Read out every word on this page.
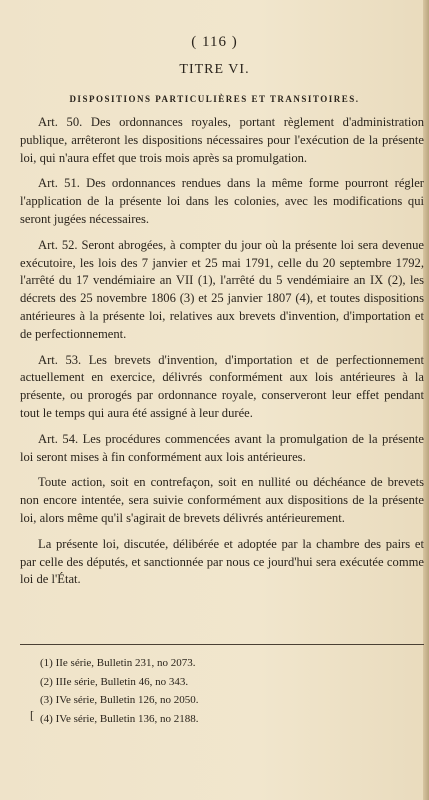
( 116 )
TITRE VI.
DISPOSITIONS PARTICULIÈRES ET TRANSITOIRES.

Art. 50. Des ordonnances royales, portant règlement d'administration publique, arrêteront les dispositions nécessaires pour l'exécution de la présente loi, qui n'aura effet que trois mois après sa promulgation.

Art. 51. Des ordonnances rendues dans la même forme pourront régler l'application de la présente loi dans les colonies, avec les modifications qui seront jugées nécessaires.

Art. 52. Seront abrogées, à compter du jour où la présente loi sera devenue exécutoire, les lois des 7 janvier et 25 mai 1791, celle du 20 septembre 1792, l'arrêté du 17 vendémiaire an VII (1), l'arrêté du 5 vendémiaire an IX (2), les décrets des 25 novembre 1806 (3) et 25 janvier 1807 (4), et toutes dispositions antérieures à la présente loi, relatives aux brevets d'invention, d'importation et de perfectionnement.

Art. 53. Les brevets d'invention, d'importation et de perfectionnement actuellement en exercice, délivrés conformément aux lois antérieures à la présente, ou prorogés par ordonnance royale, conserveront leur effet pendant tout le temps qui aura été assigné à leur durée.

Art. 54. Les procédures commencées avant la promulgation de la présente loi seront mises à fin conformément aux lois antérieures.

Toute action, soit en contrefaçon, soit en nullité ou déchéance de brevets non encore intentée, sera suivie conformément aux dispositions de la présente loi, alors même qu'il s'agirait de brevets délivrés antérieurement.

La présente loi, discutée, délibérée et adoptée par la chambre des pairs et par celle des députés, et sanctionnée par nous ce jourd'hui sera exécutée comme loi de l'État.

(1) IIe série, Bulletin 231, no 2073.
(2) IIIe série, Bulletin 46, no 343.
(3) IVe série, Bulletin 126, no 2050.
(4) IVe série, Bulletin 136, no 2188.
[
